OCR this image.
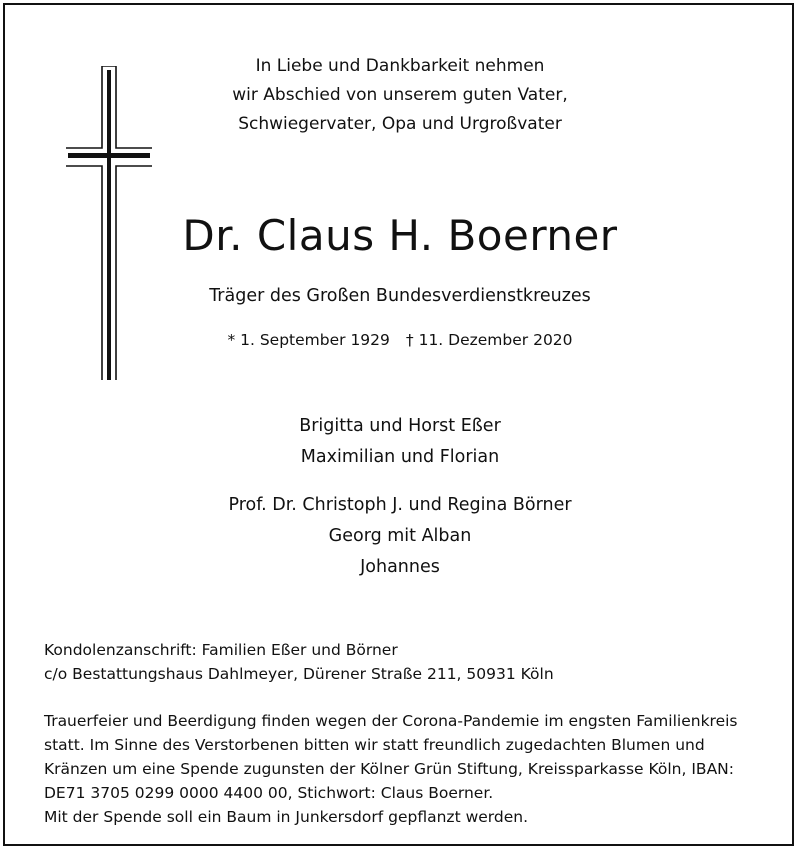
In Liebe und Dankbarkeit nehmen
wir Abschied von unserem guten Vater,
Schwiegervater, Opa und Urgroßvater
Dr. Claus H. Boerner
Träger des Großen Bundesverdienstkreuzes
* 1. September 1929 † 11. Dezember 2020
Brigitta und Horst Eßer
Maximilian und Florian
Prof. Dr. Christoph J. und Regina Börner
Georg mit Alban
Johannes
Kondolenzanschrift: Familien Eßer und Börner
c/o Bestattungshaus Dahlmeyer, Dürener Straße 211, 50931 Köln
Trauerfeier und Beerdigung finden wegen der Corona-Pandemie im engsten Familienkreis
statt. Im Sinne des Verstorbenen bitten wir statt freundlich zugedachten Blumen und
Kränzen um eine Spende zugunsten der Kölner Grün Stiftung, Kreissparkasse Köln, IBAN:
DE71 3705 0299 0000 4400 00, Stichwort: Claus Boerner.
Mit der Spende soll ein Baum in Junkersdorf gepflanzt werden.
